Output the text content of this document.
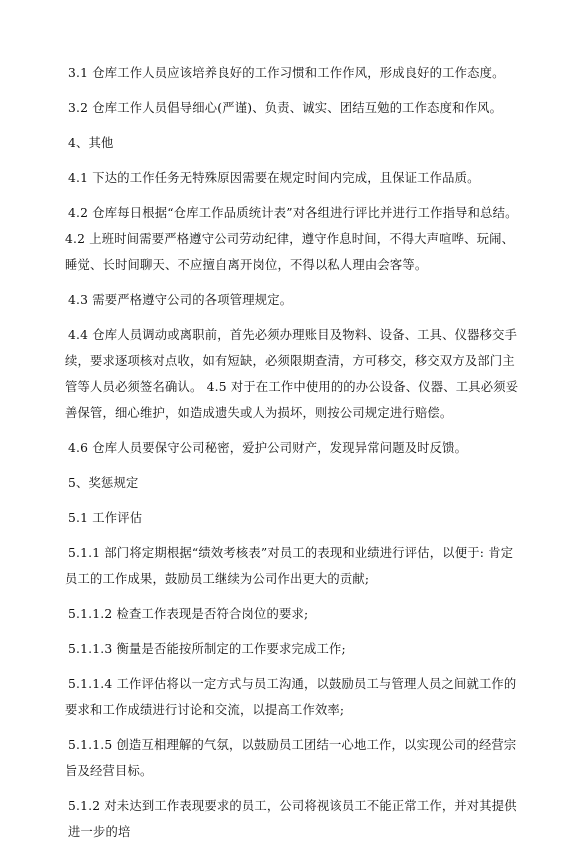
3.1 仓库工作人员应该培养良好的工作习惯和工作作风，形成良好的工作态度。

3.2 仓库工作人员倡导细心(严谨)、负责、诚实、团结互勉的工作态度和作风。

4、其他

4.1 下达的工作任务无特殊原因需要在规定时间内完成，且保证工作品质。

4.2 仓库每日根据“仓库工作品质统计表”对各组进行评比并进行工作指导和总结。 4.2 上班时间需要严格遵守公司劳动纪律，遵守作息时间，不得大声喧哗、玩闹、睡觉、长时间聊天、不应擅自离开岗位，不得以私人理由会客等。

4.3 需要严格遵守公司的各项管理规定。

4.4 仓库人员调动或离职前，首先必须办理账目及物料、设备、工具、仪器移交手续，要求逐项核对点收，如有短缺，必须限期查清，方可移交，移交双方及部门主管等人员必须签名确认。 4.5 对于在工作中使用的的办公设备、仪器、工具必须妥善保管，细心维护，如造成遗失或人为损坏，则按公司规定进行赔偿。

4.6 仓库人员要保守公司秘密，爱护公司财产，发现异常问题及时反馈。

5、奖惩规定

5.1 工作评估

5.1.1 部门将定期根据“绩效考核表”对员工的表现和业绩进行评估，以便于: 肯定员工的工作成果，鼓励员工继续为公司作出更大的贡献;

5.1.1.2 检查工作表现是否符合岗位的要求;

5.1.1.3 衡量是否能按所制定的工作要求完成工作;

5.1.1.4 工作评估将以一定方式与员工沟通，以鼓励员工与管理人员之间就工作的要求和工作成绩进行讨论和交流，以提高工作效率;

5.1.1.5 创造互相理解的气氛，以鼓励员工团结一心地工作，以实现公司的经营宗旨及经营目标。

5.1.2 对未达到工作表现要求的员工，公司将视该员工不能正常工作，并对其提供进一步的培
